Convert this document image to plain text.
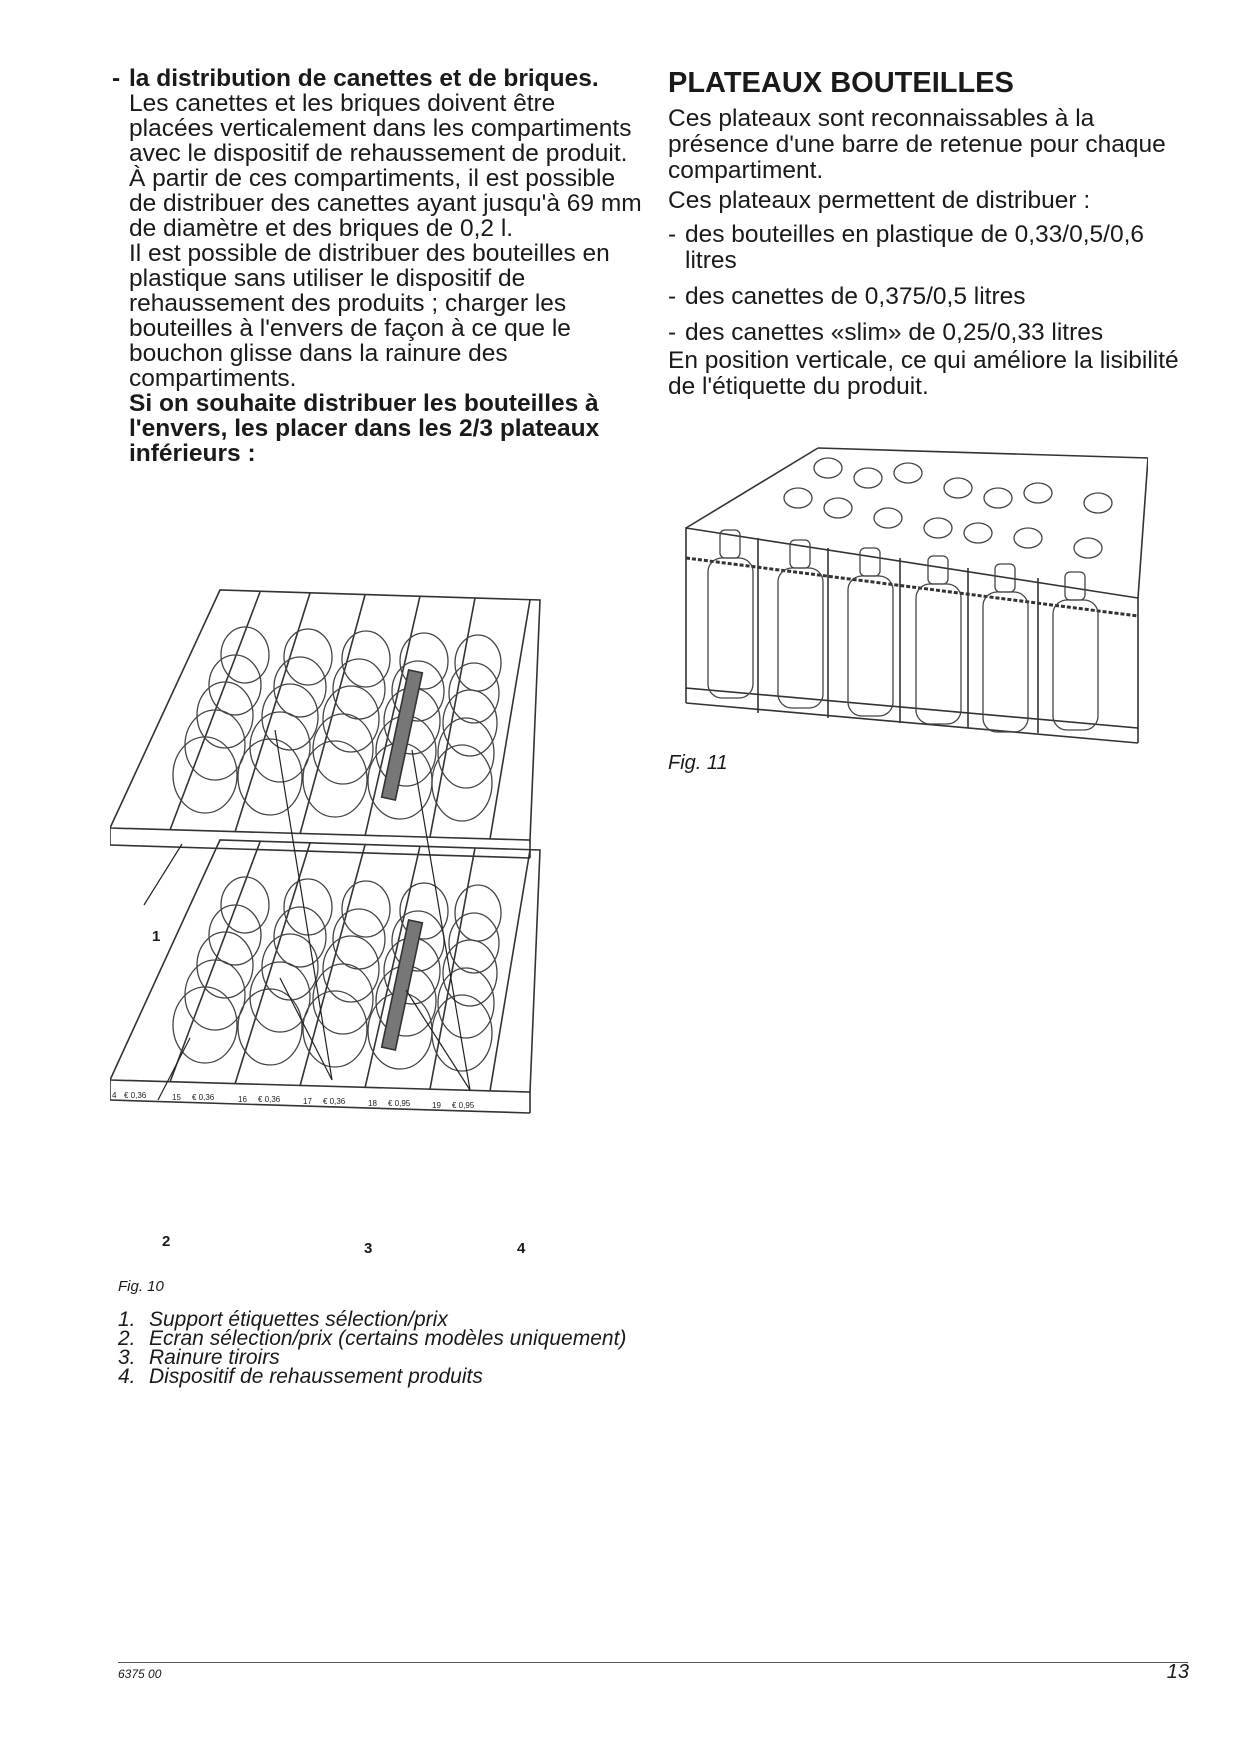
- la distribution de canettes et de briques.
Les canettes et les briques doivent être placées verticalement dans les compartiments avec le dispositif de rehaussement de produit.
À partir de ces compartiments, il est possible de distribuer des canettes ayant jusqu'à 69 mm de diamètre et des briques de 0,2 l.
Il est possible de distribuer des bouteilles en plastique sans utiliser le dispositif de rehaussement des produits ; charger les bouteilles à l'envers de façon à ce que le bouchon glisse dans la rainure des compartiments.
Si on souhaite distribuer les bouteilles à l'envers, les placer dans les 2/3 plateaux inférieurs :
4 € 0,36	15 € 0,36	16 € 0,36	17 € 0,36	18 € 0,95	19 € 0,95
1
2	3	4
Fig. 10
1. Support étiquettes sélection/prix
2. Ecran sélection/prix (certains modèles uniquement)
3. Rainure tiroirs
4. Dispositif de rehaussement produits
PLATEAUX BOUTEILLES

Ces plateaux sont reconnaissables à la présence d'une barre de retenue pour chaque compartiment.

Ces plateaux permettent de distribuer :

- des bouteilles en plastique de 0,33/0,5/0,6 litres
- des canettes de 0,375/0,5 litres
- des canettes «slim» de 0,25/0,33 litres

En position verticale, ce qui améliore la lisibilité de l'étiquette du produit.

Fig. 11
6375 00	13
